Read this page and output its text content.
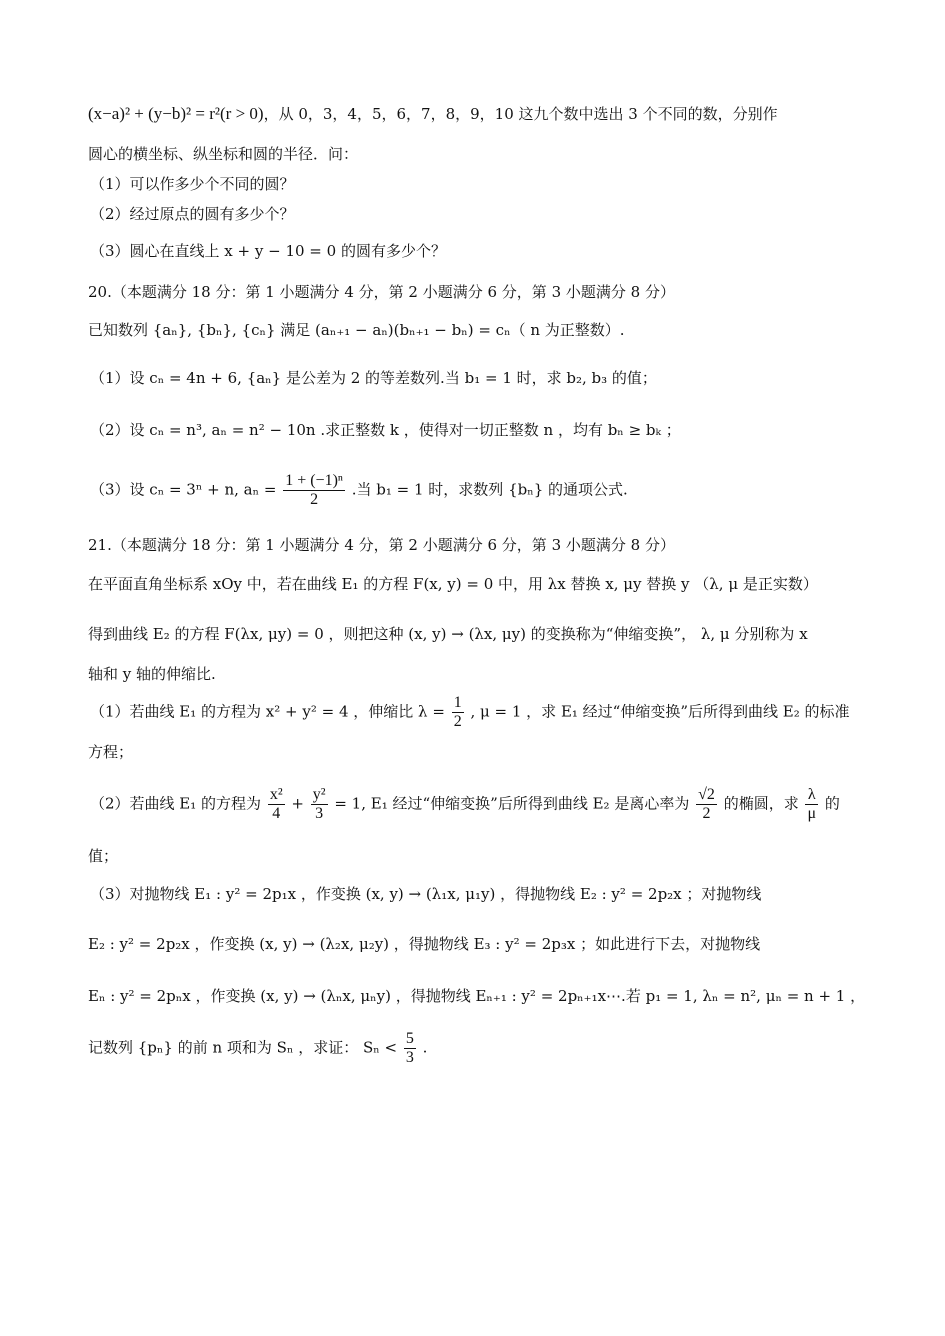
(x−a)² + (y−b)² = r²(r > 0)，从 0，3，4，5，6，7，8，9，10 这九个数中选出 3 个不同的数，分别作
圆心的横坐标、纵坐标和圆的半径．问：
（1）可以作多少个不同的圆？
（2）经过原点的圆有多少个？
（3）圆心在直线上 x + y − 10 = 0 的圆有多少个？
20.（本题满分 18 分：第 1 小题满分 4 分，第 2 小题满分 6 分，第 3 小题满分 8 分）
已知数列 {aₙ}, {bₙ}, {cₙ} 满足 (aₙ₊₁ − aₙ)(bₙ₊₁ − bₙ) = cₙ（ n 为正整数）.
（1）设 cₙ = 4n + 6, {aₙ} 是公差为 2 的等差数列.当 b₁ = 1 时，求 b₂, b₃ 的值；
（2）设 cₙ = n³, aₙ = n² − 10n .求正整数 k ，使得对一切正整数 n ，均有 bₙ ≥ bₖ ；
（3）设 cₙ = 3ⁿ + n, $a_n = \frac{\text{1 + (−1)ⁿ}}{2}$ .当 b₁ = 1 时，求数列 {bₙ} 的通项公式.
21.（本题满分 18 分：第 1 小题满分 4 分，第 2 小题满分 6 分，第 3 小题满分 8 分）
在平面直角坐标系 xOy 中，若在曲线 E₁ 的方程 F(x, y) = 0 中，用 λx 替换 x, μy 替换 y （λ, μ 是正实数）
得到曲线 E₂ 的方程 F(λx, μy) = 0 ，则把这种 (x, y) → (λx, μy) 的变换称为“伸缩变换”， λ, μ 分别称为 x
轴和 y 轴的伸缩比.
（1）若曲线 E₁ 的方程为 x² + y² = 4 ，伸缩比 $\lambda = \frac{1}{2}$ , μ = 1 ，求 E₁ 经过“伸缩变换”后所得到曲线 E₂ 的标准
方程；
（2）若曲线 E₁ 的方程为 $\frac{\text{x²}}{4} + \frac{\text{y²}}{3} = 1$, E₁ 经过“伸缩变换”后所得到曲线 E₂ 是离心率为 $\frac{√2}{2}$ 的椭圆，求 $\frac{\lambda}{\mu}$ 的
值；
（3）对抛物线 E₁ : y² = 2p₁x ，作变换 (x, y) → (λ₁x, μ₁y) ，得抛物线 E₂ : y² = 2p₂x ；对抛物线
E₂ : y² = 2p₂x ，作变换 (x, y) → (λ₂x, μ₂y) ，得抛物线 E₃ : y² = 2p₃x ；如此进行下去，对抛物线
Eₙ : y² = 2pₙx ，作变换 (x, y) → (λₙx, μₙy) ，得抛物线 Eₙ₊₁ : y² = 2pₙ₊₁x⋯.若 p₁ = 1, λₙ = n², μₙ = n + 1 ，
记数列 {pₙ} 的前 n 项和为 Sₙ ，求证： $S_n < \frac{5}{3}$ .
